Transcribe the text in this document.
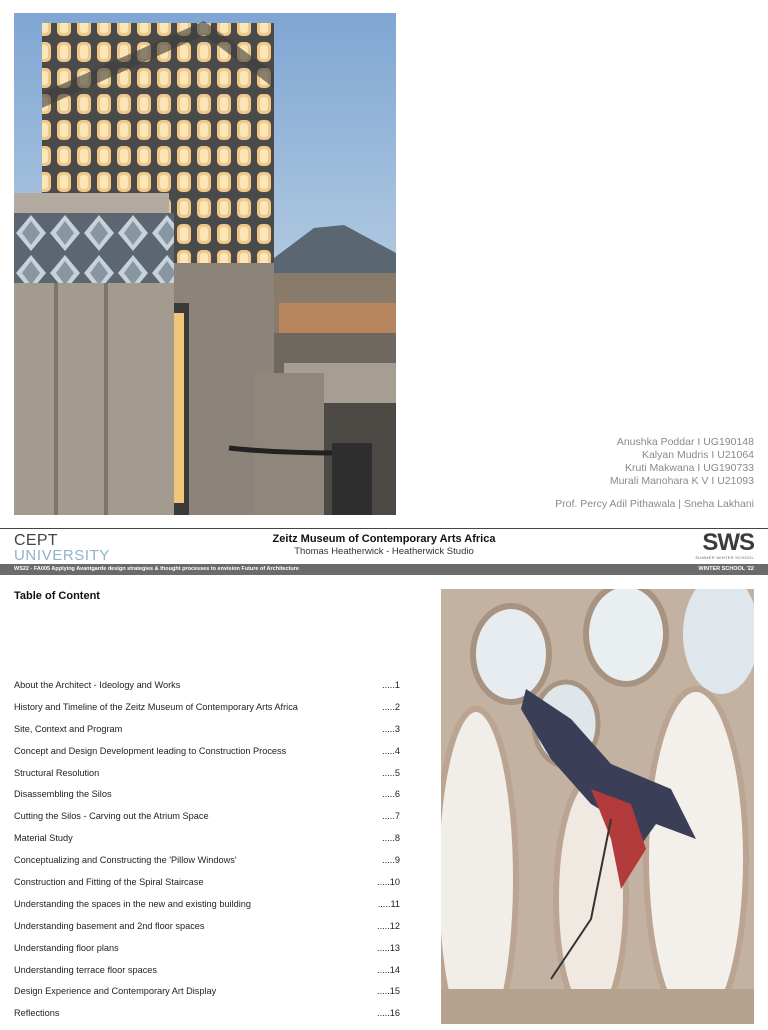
Anushka Poddar I UG190148
Kalyan Mudris I U21064
Kruti Makwana I UG190733
Murali Manohara K V I U21093
Prof. Percy Adil Pithawala | Sneha Lakhani
CEPT
UNIVERSITY
Zeitz Museum of Contemporary Arts Africa
Thomas Heatherwick - Heatherwick Studio	SWS
SUMMER WINTER SCHOOL
WS22 - FA005 Applying Avantgarde design strategies & thought processes to envision Future of Architecture	WINTER SCHOOL '22
Table of Content
About the Architect - Ideology and Works	.....1
History and Timeline of the Zeitz Museum of Contemporary Arts Africa	.....2
Site, Context and Program	.....3
Concept and Design Development leading to Construction Process	.....4
Structural Resolution	.....5
Disassembling the Silos	.....6
Cutting the Silos - Carving out the Atrium Space	.....7
Material Study	.....8
Conceptualizing and Constructing the 'Pillow Windows'	.....9
Construction and Fitting of the Spiral Staircase	.....10
Understanding the spaces in the new and existing building	.....11
Understanding basement and 2nd floor spaces	.....12
Understanding floor plans	.....13
Understanding terrace floor spaces	.....14
Design Experience and Contemporary Art Display	.....15
Reflections	.....16
